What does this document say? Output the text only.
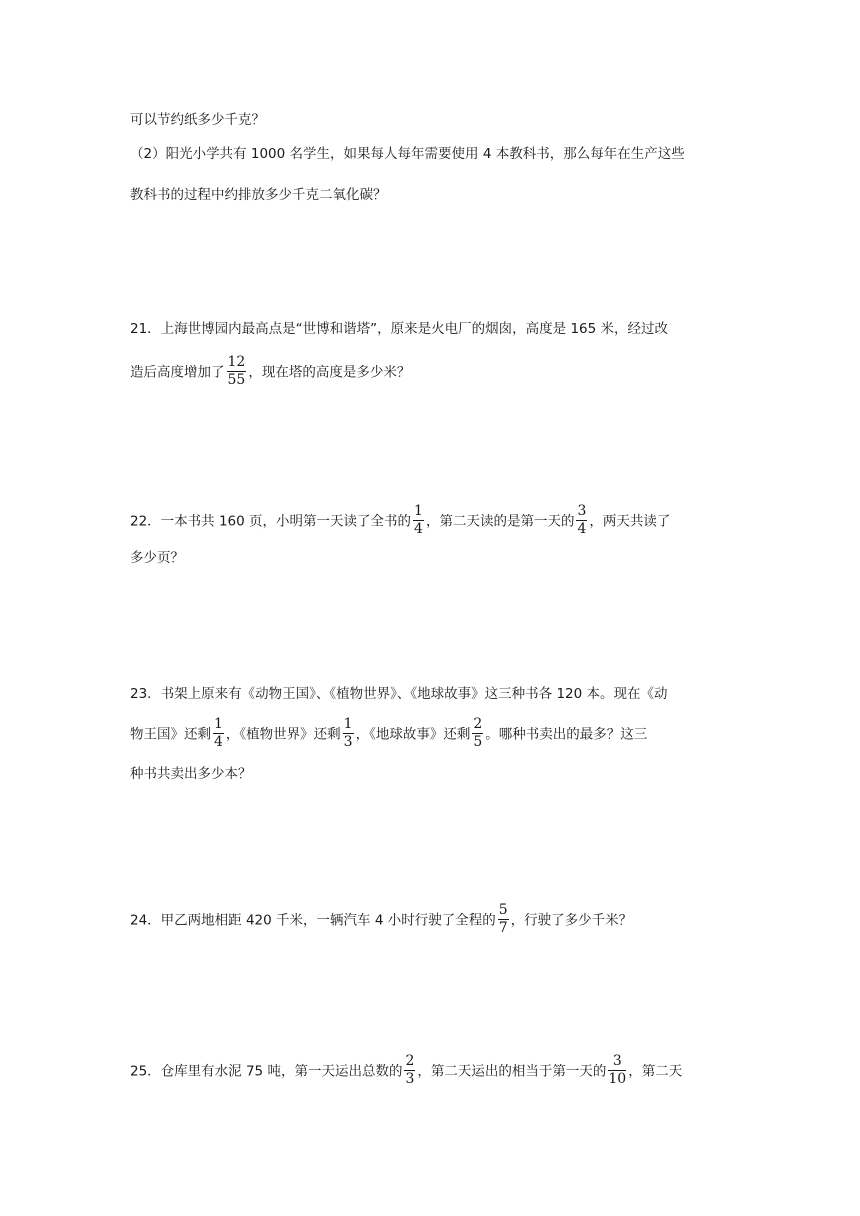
可以节约纸多少千克？
（2）阳光小学共有 1000 名学生，如果每人每年需要使用 4 本教科书，那么每年在生产这些
教科书的过程中约排放多少千克二氧化碳？
21．上海世博园内最高点是“世博和谐塔”，原来是火电厂的烟囱，高度是 165 米，经过改
造后高度增加了 $\frac{12}{55}$ ，现在塔的高度是多少米？
22．一本书共 160 页，小明第一天读了全书的 $\frac{1}{4}$ ，第二天读的是第一天的 $\frac{3}{4}$ ，两天共读了
多少页？
23．书架上原来有《动物王国》、《植物世界》、《地球故事》这三种书各 120 本。现在《动
物王国》还剩 $\frac{1}{4}$ ，《植物世界》还剩 $\frac{1}{3}$ ，《地球故事》还剩 $\frac{2}{5}$ 。哪种书卖出的最多？这三
种书共卖出多少本？
24．甲乙两地相距 420 千米，一辆汽车 4 小时行驶了全程的 $\frac{5}{7}$ ，行驶了多少千米？
25．仓库里有水泥 75 吨，第一天运出总数的 $\frac{2}{3}$ ，第二天运出的相当于第一天的 $\frac{3}{10}$ ，第二天
